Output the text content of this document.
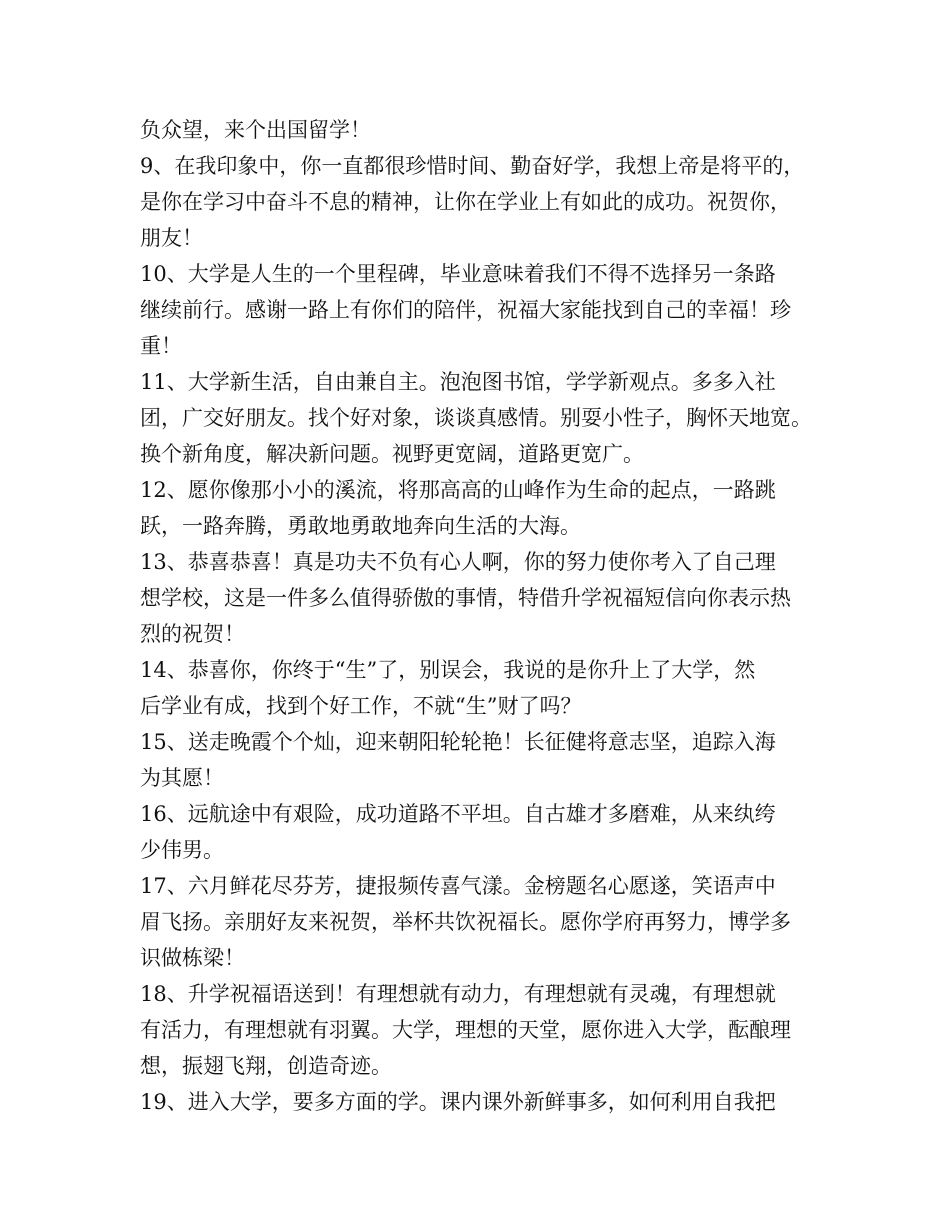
负众望，来个出国留学！
9、在我印象中，你一直都很珍惜时间、勤奋好学，我想上帝是将平的，
是你在学习中奋斗不息的精神，让你在学业上有如此的成功。祝贺你，
朋友！
10、大学是人生的一个里程碑，毕业意味着我们不得不选择另一条路
继续前行。感谢一路上有你们的陪伴，祝福大家能找到自己的幸福！珍
重！
11、大学新生活，自由兼自主。泡泡图书馆，学学新观点。多多入社
团，广交好朋友。找个好对象，谈谈真感情。别耍小性子，胸怀天地宽。
换个新角度，解决新问题。视野更宽阔，道路更宽广。
12、愿你像那小小的溪流，将那高高的山峰作为生命的起点，一路跳
跃，一路奔腾，勇敢地勇敢地奔向生活的大海。
13、恭喜恭喜！真是功夫不负有心人啊，你的努力使你考入了自己理
想学校，这是一件多么值得骄傲的事情，特借升学祝福短信向你表示热
烈的祝贺！
14、恭喜你，你终于“生”了，别误会，我说的是你升上了大学，然
后学业有成，找到个好工作，不就“生”财了吗？
15、送走晚霞个个灿，迎来朝阳轮轮艳！长征健将意志坚，追踪入海
为其愿！
16、远航途中有艰险，成功道路不平坦。自古雄才多磨难，从来纨绔
少伟男。
17、六月鲜花尽芬芳，捷报频传喜气漾。金榜题名心愿遂，笑语声中
眉飞扬。亲朋好友来祝贺，举杯共饮祝福长。愿你学府再努力，博学多
识做栋梁！
18、升学祝福语送到！有理想就有动力，有理想就有灵魂，有理想就
有活力，有理想就有羽翼。大学，理想的天堂，愿你进入大学，酝酿理
想，振翅飞翔，创造奇迹。
19、进入大学，要多方面的学。课内课外新鲜事多，如何利用自我把
